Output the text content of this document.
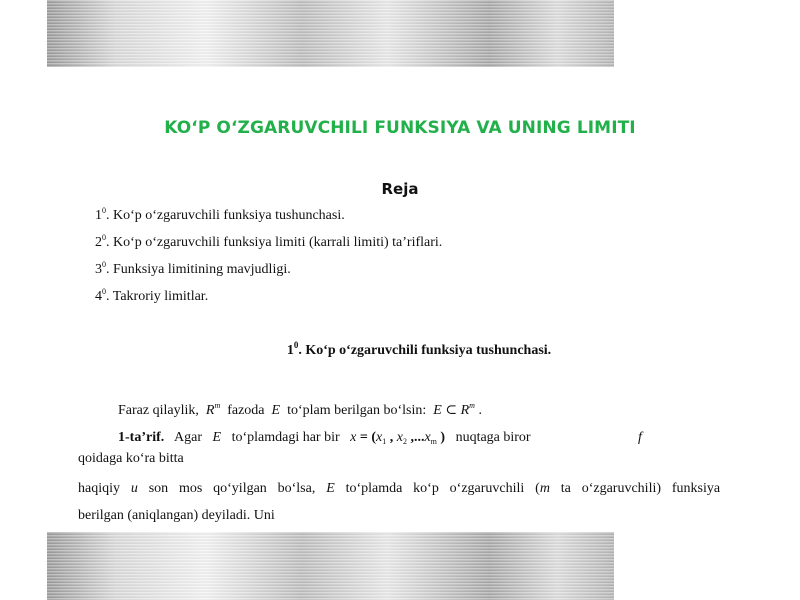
KO‘P O‘ZGARUVCHILI FUNKSIYA VA UNING LIMITI
Reja
$1^0$. Ko‘p o‘zgaruvchili funksiya tushunchasi.
$2^0$. Ko‘p o‘zgaruvchili funksiya limiti (karrali limiti) ta’riflari.
$3^0$. Funksiya limitining mavjudligi.
$4^0$. Takroriy limitlar.
$1^0$. Ko‘p o‘zgaruvchili funksiya tushunchasi.
Faraz qilaylik, $R^m$ fazoda E to‘plam berilgan bo‘lsin: E ⊂ $R^m$ .
1-ta’rif. Agar E to‘plamdagi har bir $x = (x_1$ , $x_2$ $,...x_m$ ) nuqtaga biror	f
qoidaga ko‘ra bitta
haqiqiy u son mos qo‘yilgan bo‘lsa, E to‘plamda ko‘p o‘zgaruvchili (m ta o‘zgaruvchili) funksiya
berilgan (aniqlangan) deyiladi. Uni
